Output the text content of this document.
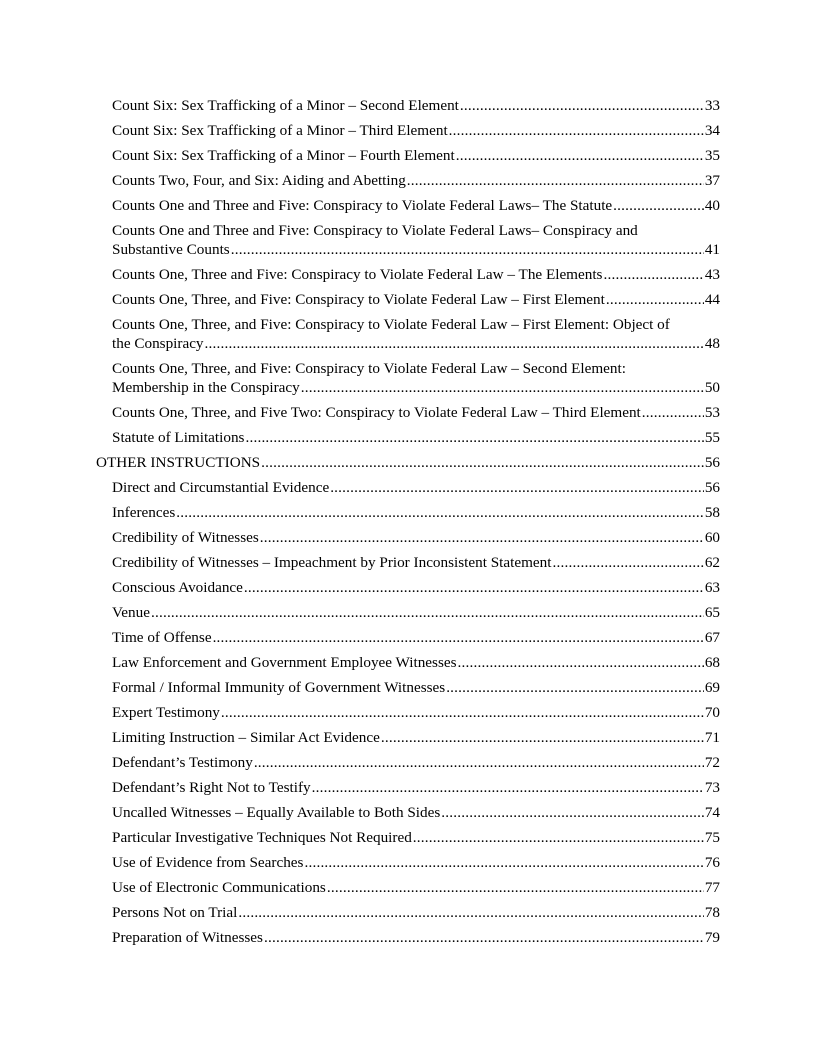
Count Six: Sex Trafficking of a Minor – Second Element .....	33
Count Six: Sex Trafficking of a Minor – Third Element .....	34
Count Six: Sex Trafficking of a Minor – Fourth Element .....	35
Counts Two, Four, and Six: Aiding and Abetting .....	37
Counts One and Three and Five: Conspiracy to Violate Federal Laws– The Statute .....	40
Counts One and Three and Five: Conspiracy to Violate Federal Laws– Conspiracy and
Substantive Counts .....	41
Counts One, Three and Five: Conspiracy to Violate Federal Law – The Elements .....	43
Counts One, Three, and Five: Conspiracy to Violate Federal Law – First Element .....	44
Counts One, Three, and Five: Conspiracy to Violate Federal Law – First Element: Object of
the Conspiracy .....	48
Counts One, Three, and Five: Conspiracy to Violate Federal Law – Second Element:
Membership in the Conspiracy .....	50
Counts One, Three, and Five Two: Conspiracy to Violate Federal Law – Third Element .....	53
Statute of Limitations .....	55
OTHER INSTRUCTIONS .....	56
Direct and Circumstantial Evidence .....	56
Inferences .....	58
Credibility of Witnesses .....	60
Credibility of Witnesses – Impeachment by Prior Inconsistent Statement .....	62
Conscious Avoidance .....	63
Venue .....	65
Time of Offense .....	67
Law Enforcement and Government Employee Witnesses .....	68
Formal / Informal Immunity of Government Witnesses .....	69
Expert Testimony .....	70
Limiting Instruction – Similar Act Evidence .....	71
Defendant’s Testimony .....	72
Defendant’s Right Not to Testify .....	73
Uncalled Witnesses – Equally Available to Both Sides .....	74
Particular Investigative Techniques Not Required .....	75
Use of Evidence from Searches .....	76
Use of Electronic Communications .....	77
Persons Not on Trial .....	78
Preparation of Witnesses .....	79
